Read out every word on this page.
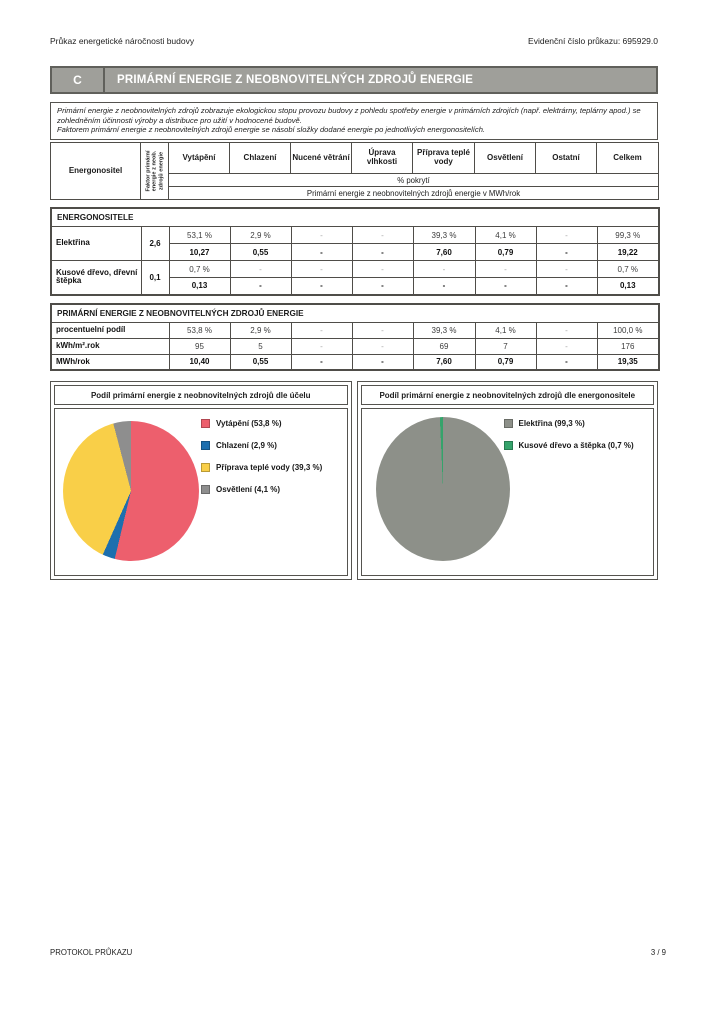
Průkaz energetické náročnosti budovy	Evidenční číslo průkazu: 695929.0
C	PRIMÁRNÍ ENERGIE Z NEOBNOVITELNÝCH ZDROJŮ ENERGIE
Primární energie z neobnovitelných zdrojů zobrazuje ekologickou stopu provozu budovy z pohledu spotřeby energie v primárních zdrojích (např. elektrárny, teplárny apod.) se zohledněním účinnosti výroby a distribuce pro užití v hodnocené budově.
Faktorem primární energie z neobnovitelných zdrojů energie se násobí složky dodané energie po jednotlivých energonositelích.
Energonositel	Faktor primární energie z neob. zdrojů energie	Vytápění	Chlazení	Nucené větrání	Úprava vlhkosti	Příprava teplé vody	Osvětlení	Ostatní	Celkem
% pokrytí
Primární energie z neobnovitelných zdrojů energie v MWh/rok
ENERGONOSITELE									
Elektřina	2,6	53,1 %	2,9 %	-	-	39,3 %	4,1 %	-	99,3 %
		10,27	0,55	-	-	7,60	0,79	-	19,22
Kusové dřevo, dřevní štěpka	0,1	0,7 %	-	-	-	-	-	-	0,7 %
		0,13	-	-	-	-	-	-	0,13
PRIMÁRNÍ ENERGIE Z NEOBNOVITELNÝCH ZDROJŮ ENERGIE								
procentuelní podíl	53,8 %	2,9 %	-	-	39,3 %	4,1 %	-	100,0 %
kWh/m².rok	95	5	-	-	69	7	-	176
MWh/rok	10,40	0,55	-	-	7,60	0,79	-	19,35
Podíl primární energie z neobnovitelných zdrojů dle účelu
Vytápění (53,8 %)
Chlazení (2,9 %)
Příprava teplé vody (39,3 %)
Osvětlení (4,1 %)
Podíl primární energie z neobnovitelných zdrojů dle energonositele
Elektřina (99,3 %)
Kusové dřevo a štěpka (0,7 %)
PROTOKOL PRŮKAZU	3 / 9
